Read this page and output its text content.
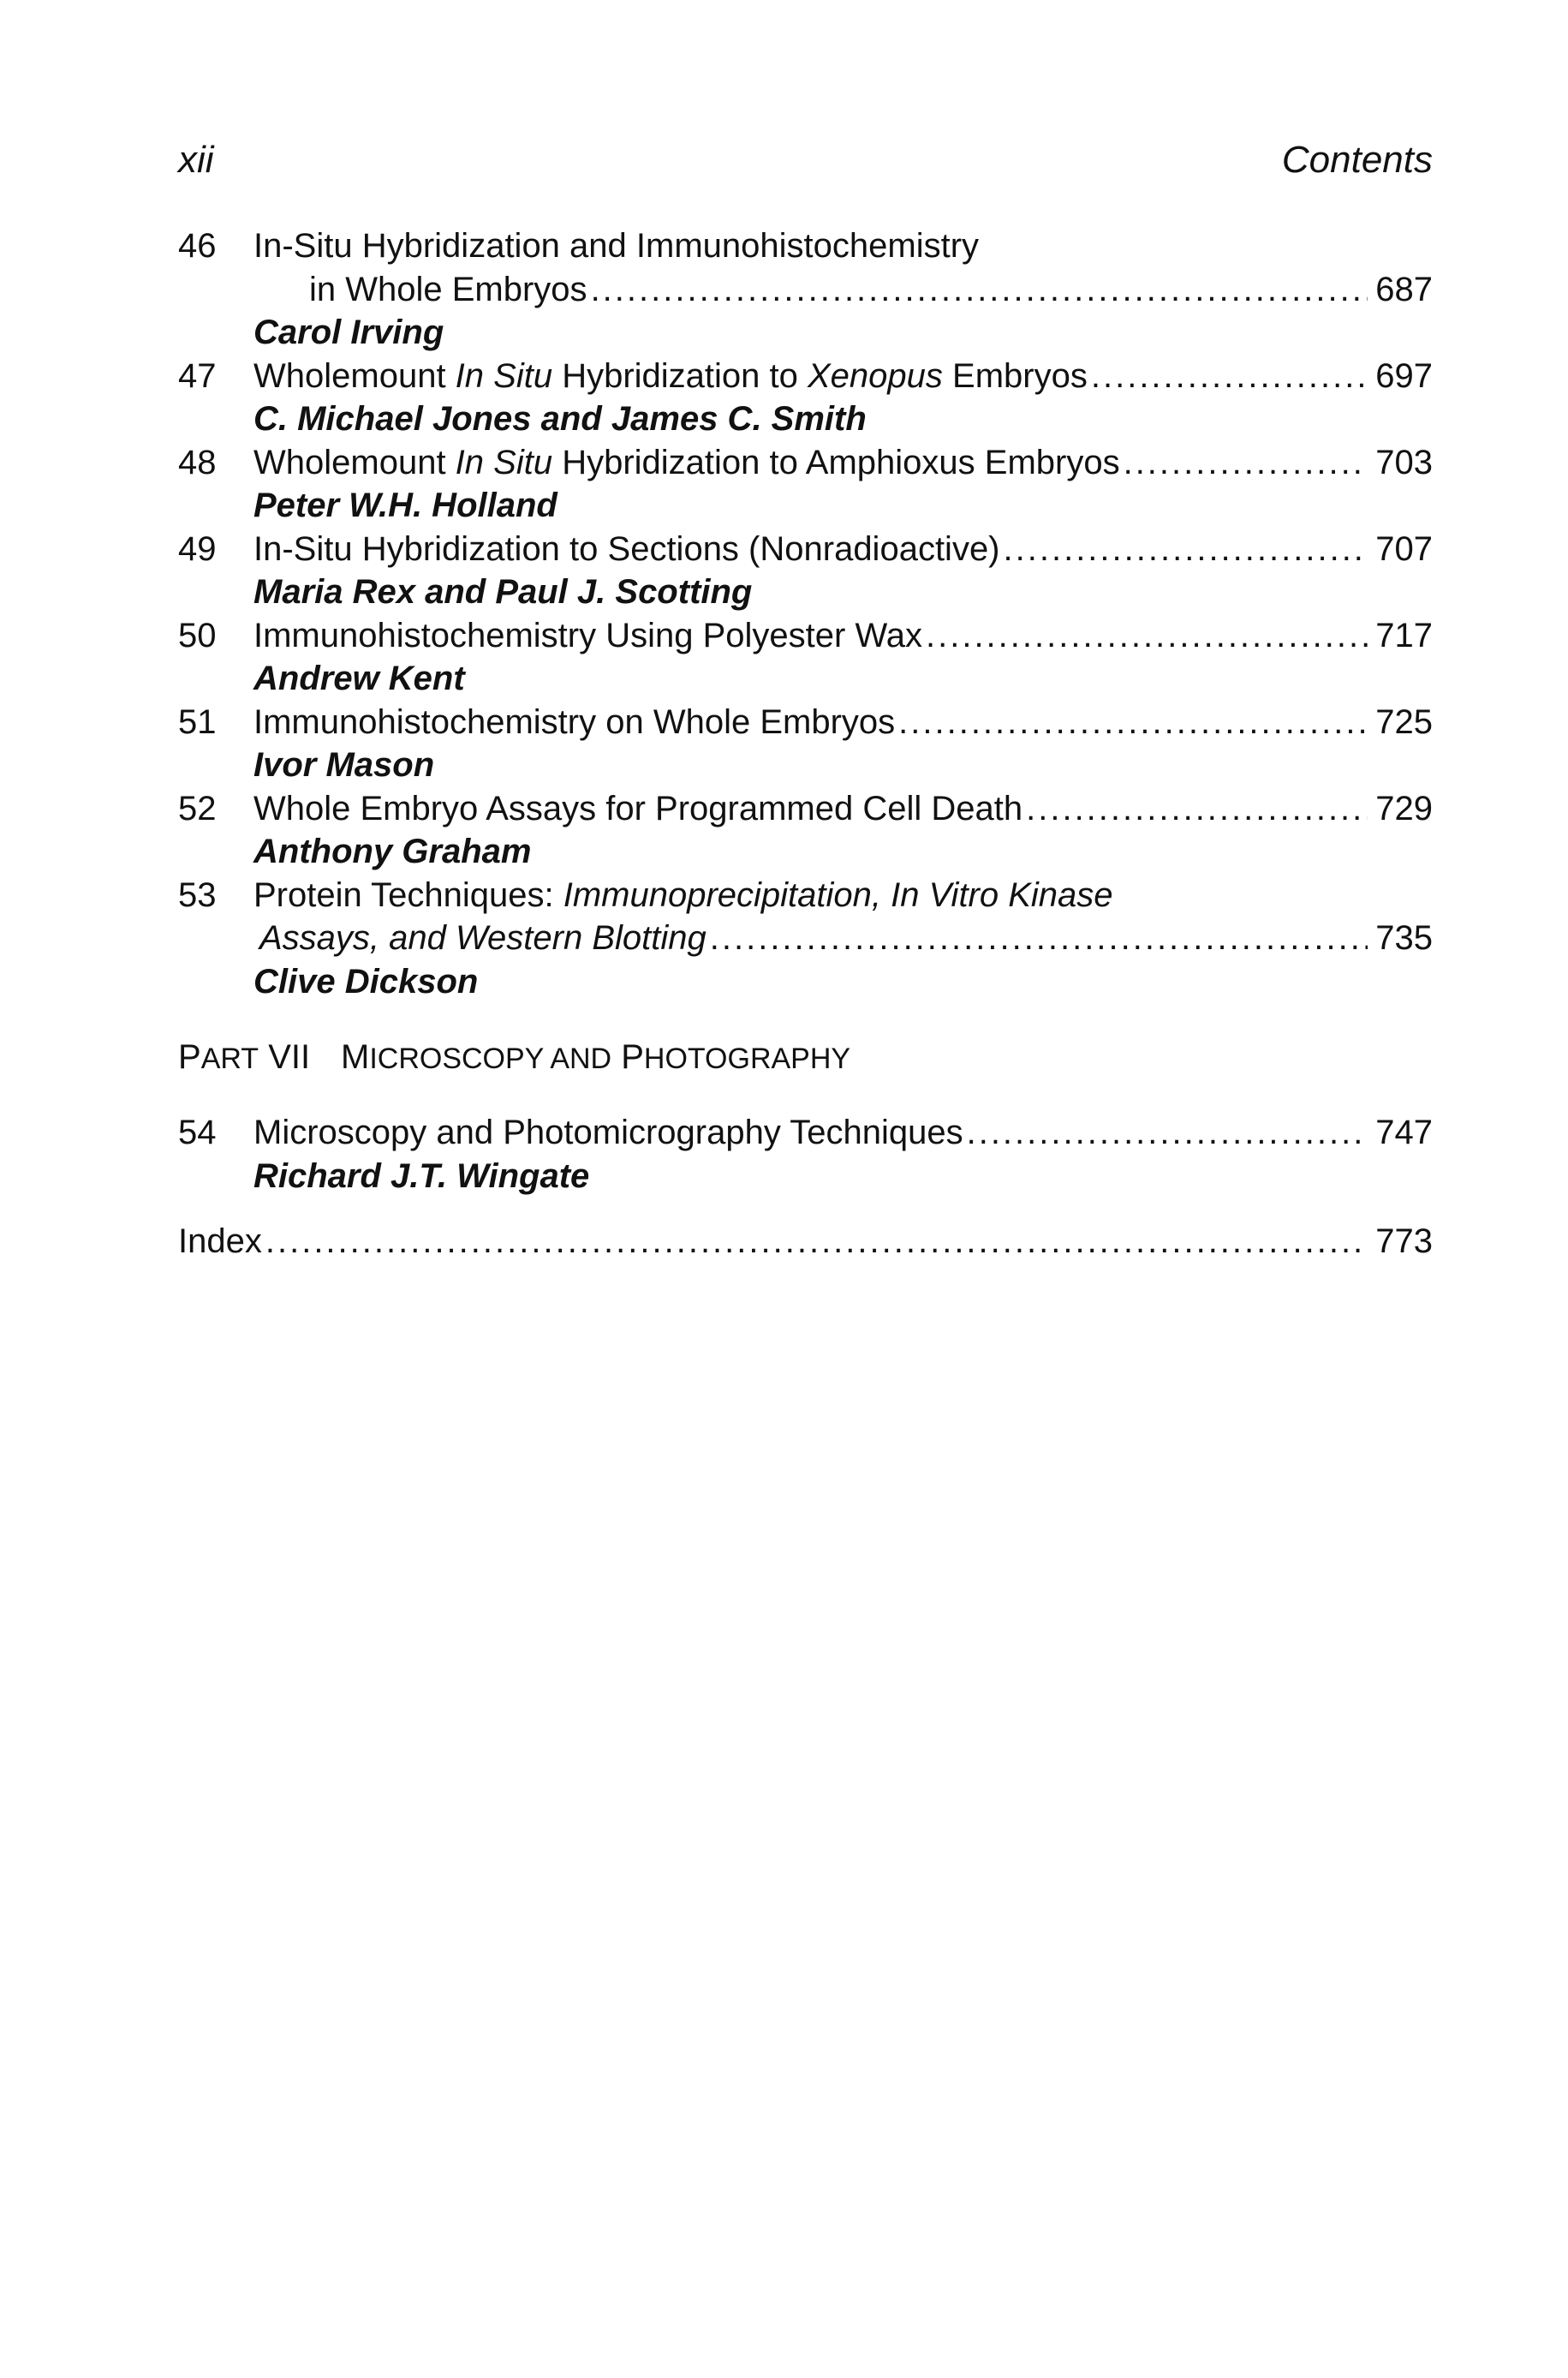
xii	Contents
46 In-Situ Hybridization and Immunohistochemistry
in Whole Embryos .....	687
Carol Irving
47 Wholemount In Situ Hybridization to Xenopus Embryos .....	697
C. Michael Jones and James C. Smith
48 Wholemount In Situ Hybridization to Amphioxus Embryos .....	703
Peter W.H. Holland
49 In-Situ Hybridization to Sections (Nonradioactive) .....	707
Maria Rex and Paul J. Scotting
50 Immunohistochemistry Using Polyester Wax .....	717
Andrew Kent
51 Immunohistochemistry on Whole Embryos .....	725
Ivor Mason
52 Whole Embryo Assays for Programmed Cell Death .....	729
Anthony Graham
53 Protein Techniques: Immunoprecipitation, In Vitro Kinase
Assays, and Western Blotting .....	735
Clive Dickson
PART VII MICROSCOPY AND PHOTOGRAPHY
54 Microscopy and Photomicrography Techniques .....	747
Richard J.T. Wingate
Index .....	773
